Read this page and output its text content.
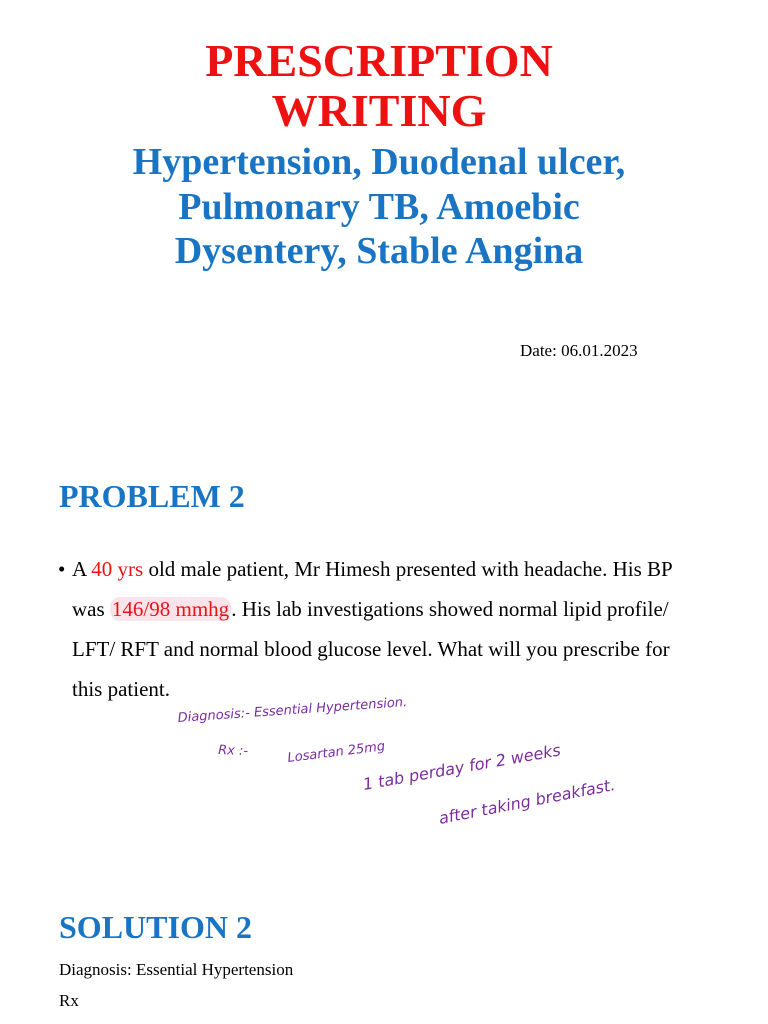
PRESCRIPTION
WRITING
Hypertension, Duodenal ulcer,
Pulmonary TB, Amoebic
Dysentery, Stable Angina
Date: 06.01.2023
PROBLEM 2
• A 40 yrs old male patient, Mr Himesh presented with headache. His BP was 146/98 mmhg. His lab investigations showed normal lipid profile/ LFT/ RFT and normal blood glucose level. What will you prescribe for this patient.
Diagnosis:- Essential Hypertension.
Rx :-	Losartan 25mg
1 tab perday for 2 weeks
after taking breakfast.
SOLUTION 2
Diagnosis: Essential Hypertension
Rx
